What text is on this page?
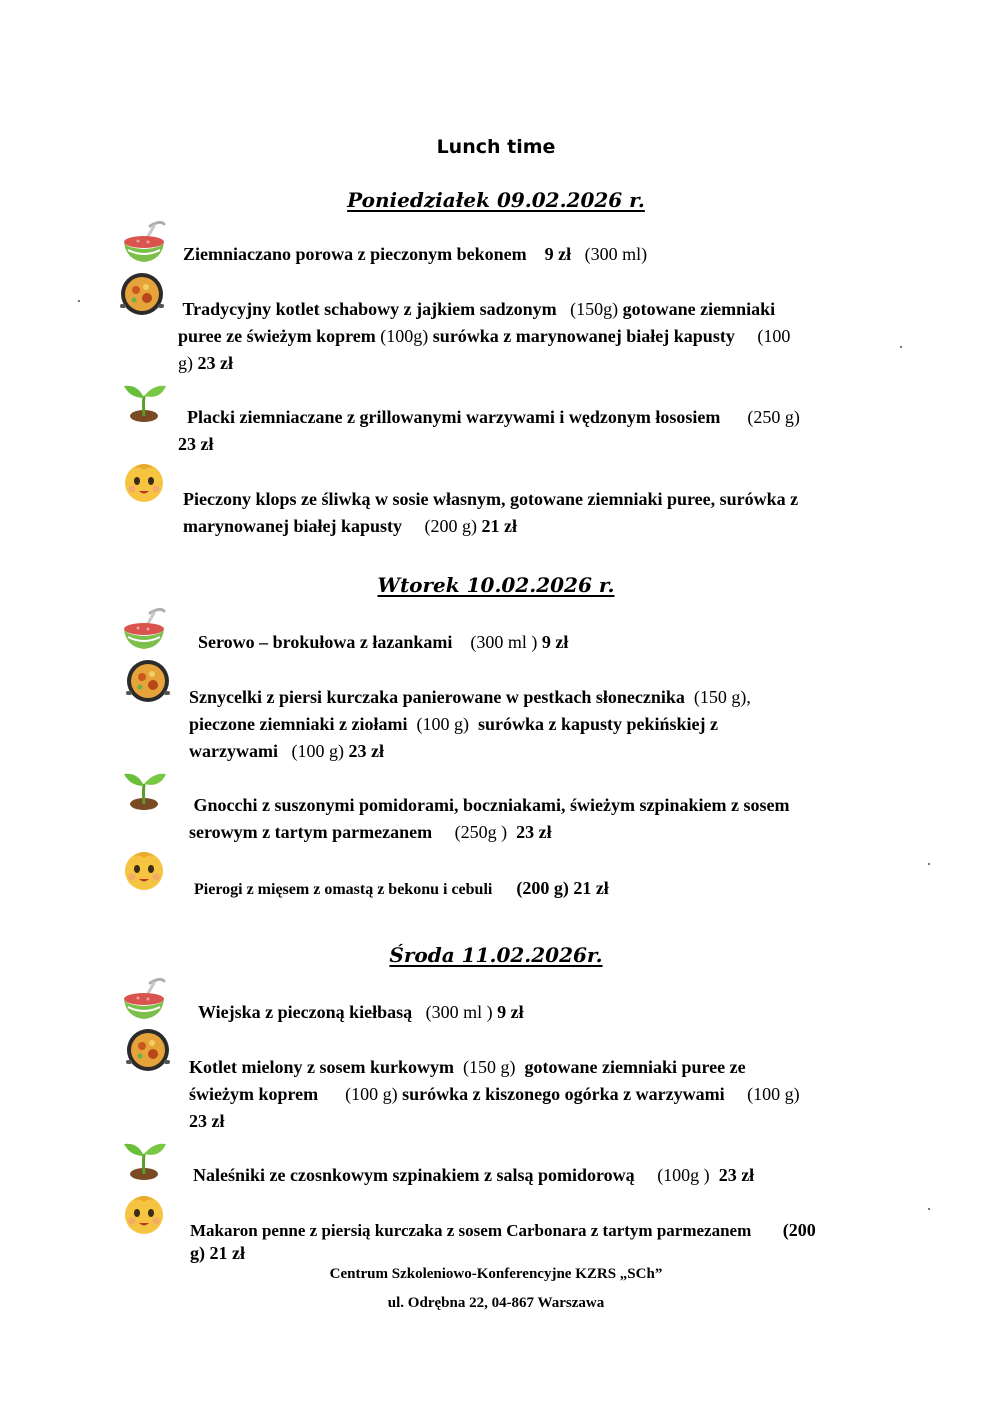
Lunch time
Poniedziałek 09.02.2026 r.
Ziemniaczano porowa z pieczonym bekonem 9 zł (300 ml)
Tradycyjny kotlet schabowy z jajkiem sadzonym (150g) gotowane ziemniaki
puree ze świeżym koprem (100g) surówka z marynowanej białej kapusty (100
g) 23 zł
Placki ziemniaczane z grillowanymi warzywami i wędzonym łososiem (250 g)
23 zł
Pieczony klops ze śliwką w sosie własnym, gotowane ziemniaki puree, surówka z
marynowanej białej kapusty (200 g) 21 zł
Wtorek 10.02.2026 r.
Serowo – brokułowa z łazankami (300 ml ) 9 zł
Sznycelki z piersi kurczaka panierowane w pestkach słonecznika (150 g),
pieczone ziemniaki z ziołami (100 g) surówka z kapusty pekińskiej z
warzywami (100 g) 23 zł
Gnocchi z suszonymi pomidorami, boczniakami, świeżym szpinakiem z sosem
serowym z tartym parmezanem (250g ) 23 zł
Pierogi z mięsem z omastą z bekonu i cebuli (200 g) 21 zł
Środa 11.02.2026r.
Wiejska z pieczoną kiełbasą (300 ml ) 9 zł
Kotlet mielony z sosem kurkowym (150 g) gotowane ziemniaki puree ze
świeżym koprem (100 g) surówka z kiszonego ogórka z warzywami (100 g)
23 zł
Naleśniki ze czosnkowym szpinakiem z salsą pomidorową (100g ) 23 zł
Makaron penne z piersią kurczaka z sosem Carbonara z tartym parmezanem (200
g) 21 zł
Centrum Szkoleniowo-Konferencyjne KZRS „SCh”
ul. Odrębna 22, 04-867 Warszawa
